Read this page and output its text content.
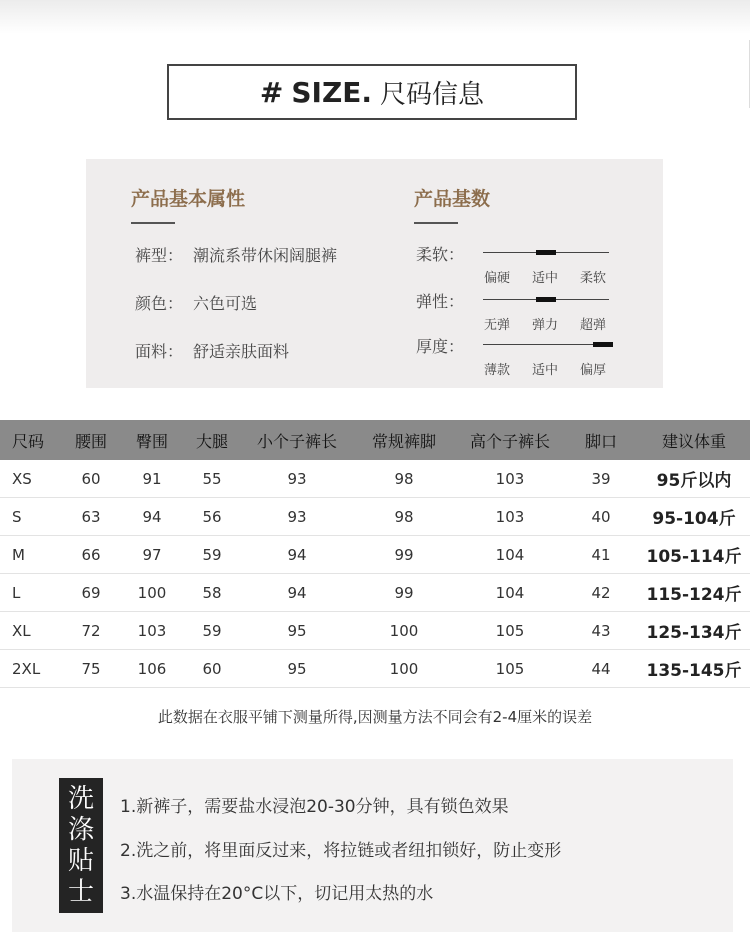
# SIZE. 尺码信息
产品基本属性
裤型： 潮流系带休闲阔腿裤
颜色： 六色可选
面料： 舒适亲肤面料
产品基数
柔软：
偏硬 适中 柔软
弹性：
无弹 弹力 超弹
厚度：
薄款 适中 偏厚
尺码	腰围	臀围	大腿	小个子裤长	常规裤脚	高个子裤长	脚口	建议体重
XS	60	91	55	93	98	103	39	95斤以内
S	63	94	56	93	98	103	40	95-104斤
M	66	97	59	94	99	104	41	105-114斤
L	69	100	58	94	99	104	42	115-124斤
XL	72	103	59	95	100	105	43	125-134斤
2XL	75	106	60	95	100	105	44	135-145斤
此数据在衣服平铺下测量所得,因测量方法不同会有2-4厘米的误差
洗
涤
贴
士
1.新裤子，需要盐水浸泡20-30分钟，具有锁色效果
2.洗之前，将里面反过来，将拉链或者纽扣锁好，防止变形
3.水温保持在20°C以下，切记用太热的水
